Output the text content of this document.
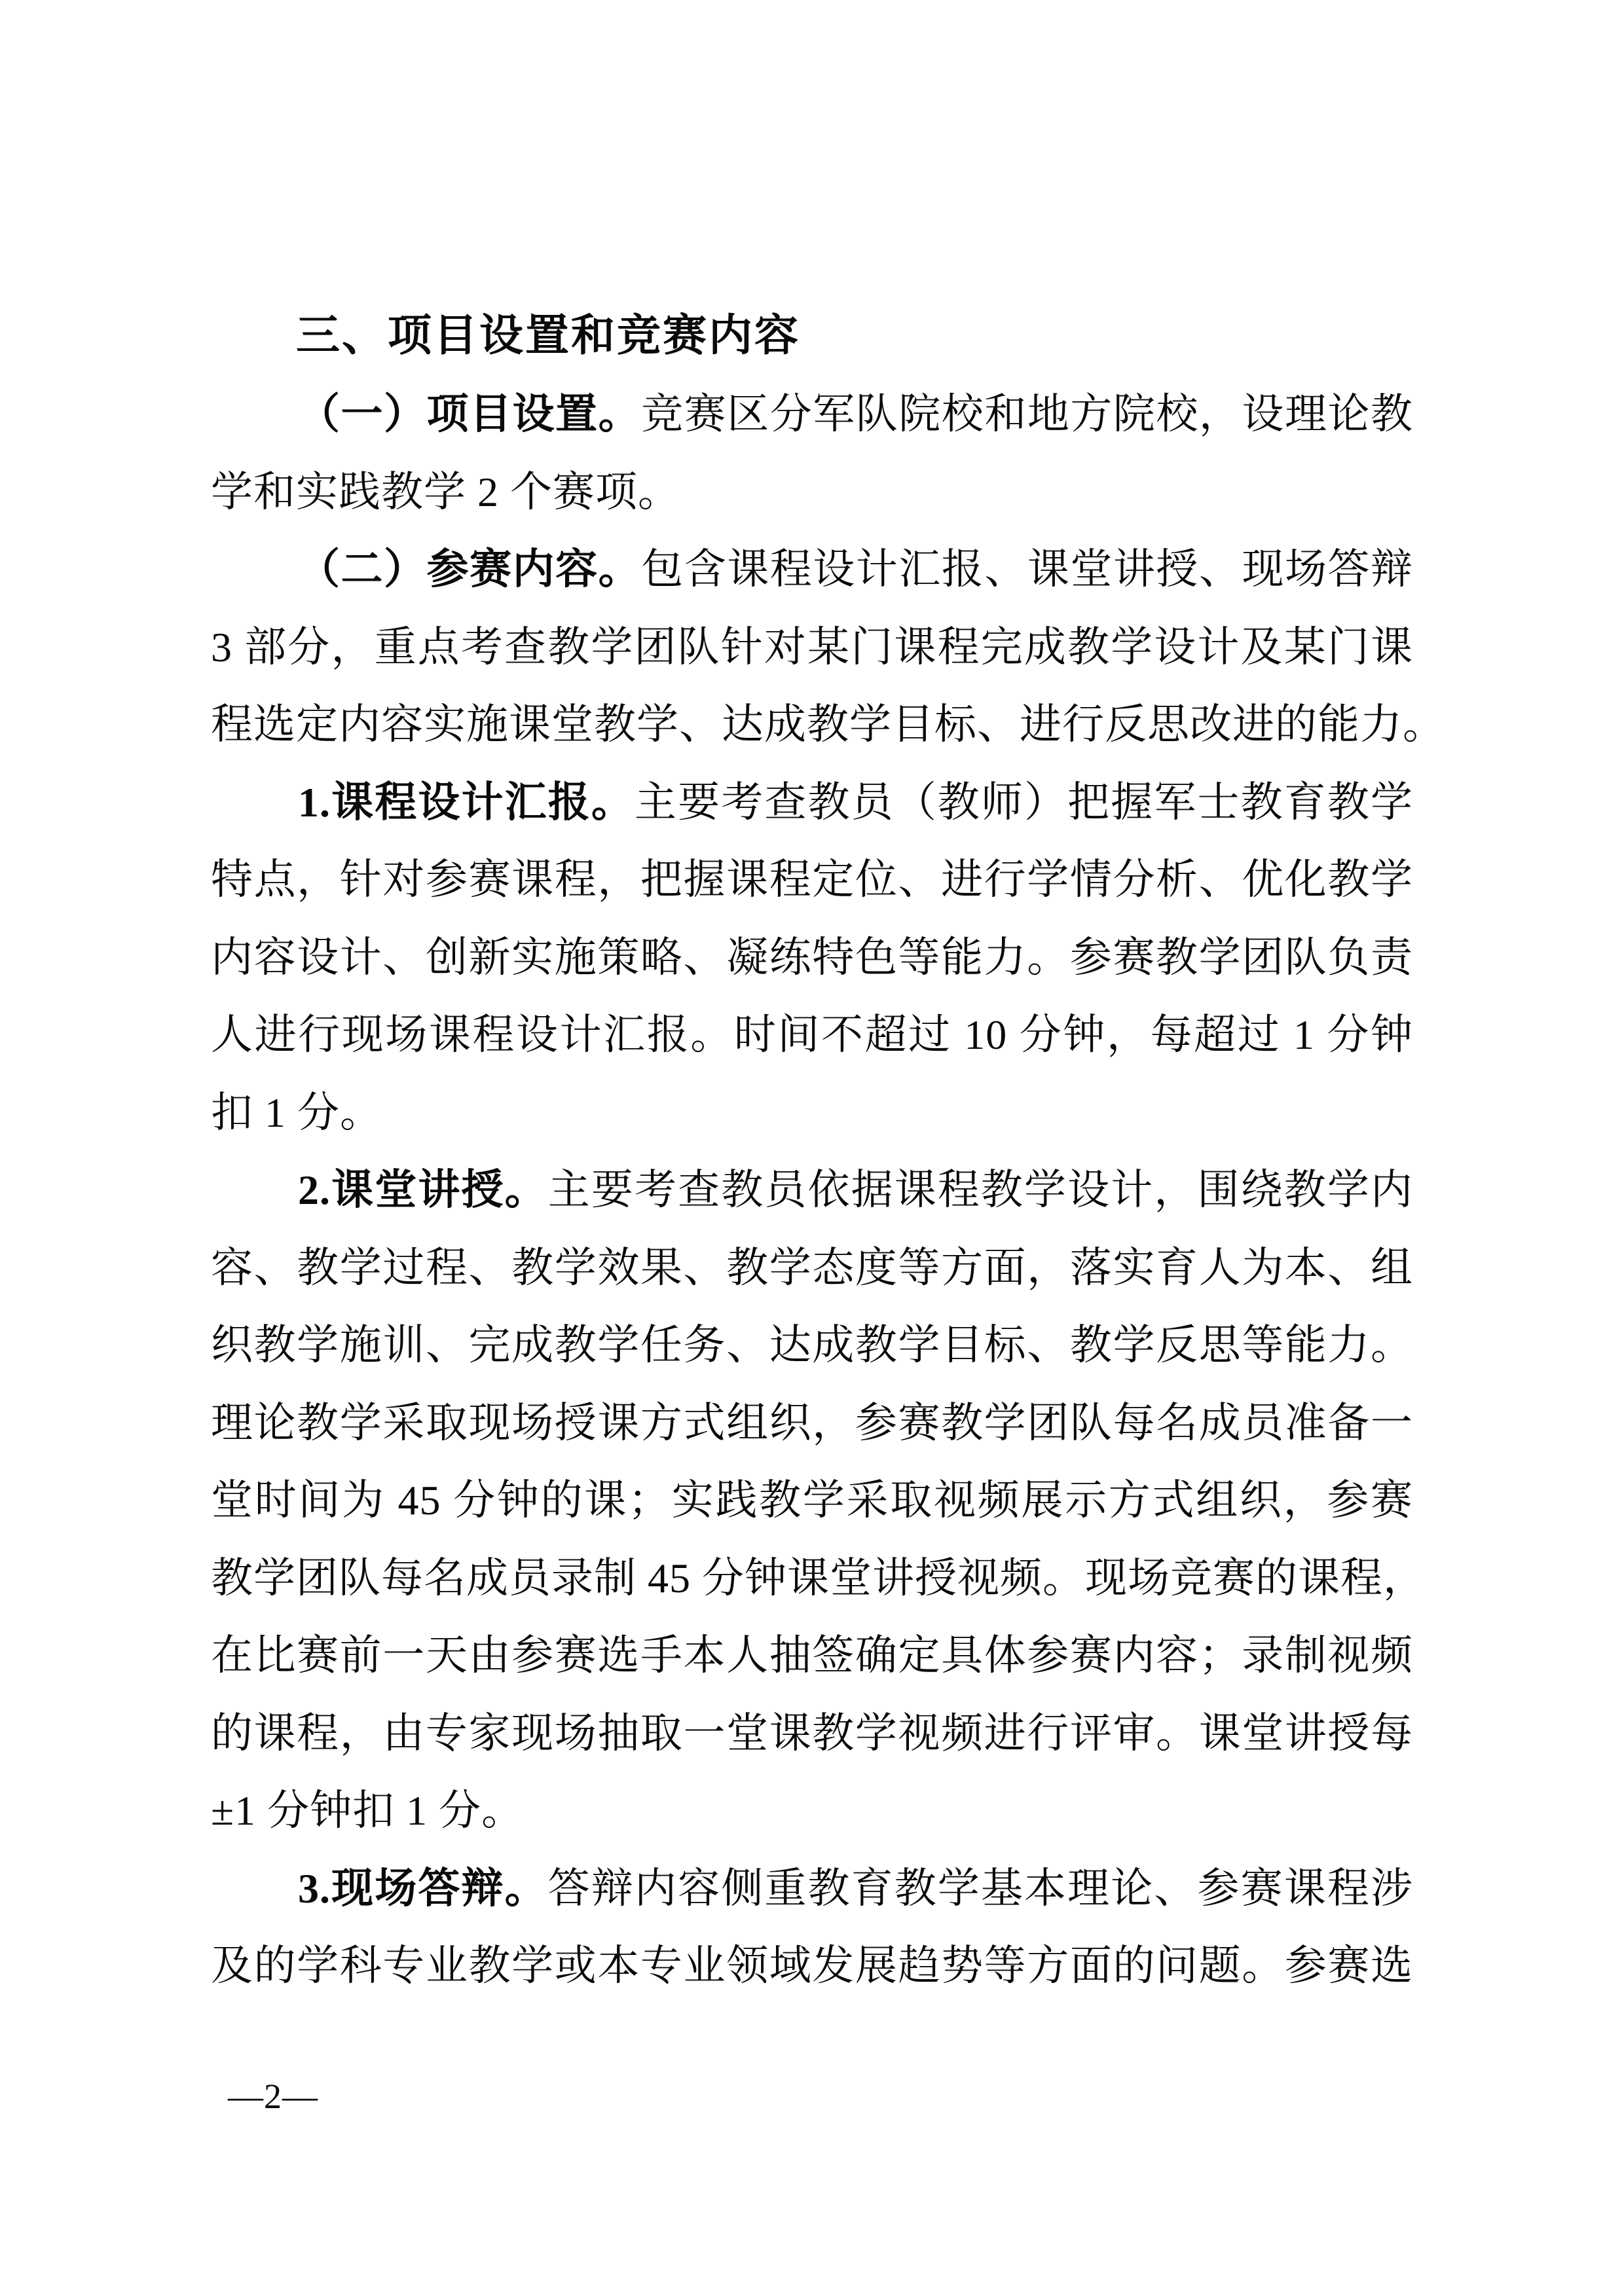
三、项目设置和竞赛内容
（一）项目设置。竞赛区分军队院校和地方院校，设理论教
学和实践教学 2 个赛项。
（二）参赛内容。包含课程设计汇报、课堂讲授、现场答辩
3 部分，重点考查教学团队针对某门课程完成教学设计及某门课
程选定内容实施课堂教学、达成教学目标、进行反思改进的能力。
1.课程设计汇报。主要考查教员（教师）把握军士教育教学
特点，针对参赛课程，把握课程定位、进行学情分析、优化教学
内容设计、创新实施策略、凝练特色等能力。参赛教学团队负责
人进行现场课程设计汇报。时间不超过 10 分钟，每超过 1 分钟
扣 1 分。
2.课堂讲授。主要考查教员依据课程教学设计，围绕教学内
容、教学过程、教学效果、教学态度等方面，落实育人为本、组
织教学施训、完成教学任务、达成教学目标、教学反思等能力。
理论教学采取现场授课方式组织，参赛教学团队每名成员准备一
堂时间为 45 分钟的课；实践教学采取视频展示方式组织，参赛
教学团队每名成员录制 45 分钟课堂讲授视频。现场竞赛的课程，
在比赛前一天由参赛选手本人抽签确定具体参赛内容；录制视频
的课程，由专家现场抽取一堂课教学视频进行评审。课堂讲授每
±1 分钟扣 1 分。
3.现场答辩。答辩内容侧重教育教学基本理论、参赛课程涉
及的学科专业教学或本专业领域发展趋势等方面的问题。参赛选
—2—
